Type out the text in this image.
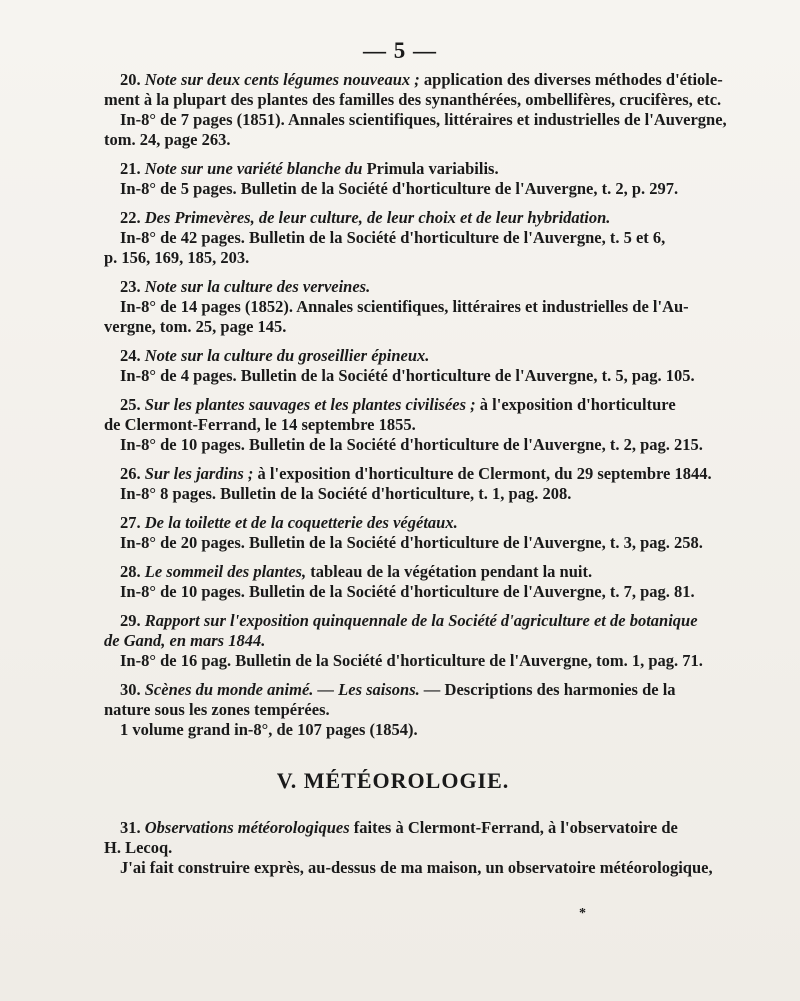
— 5 —
20. Note sur deux cents légumes nouveaux ; application des diverses méthodes d'étiole-
ment à la plupart des plantes des familles des synanthérées, ombellifères, crucifères, etc.
In-8° de 7 pages (1851). Annales scientifiques, littéraires et industrielles de l'Auvergne,
tom. 24, page 263.
21. Note sur une variété blanche du Primula variabilis.
In-8° de 5 pages. Bulletin de la Société d'horticulture de l'Auvergne, t. 2, p. 297.
22. Des Primevères, de leur culture, de leur choix et de leur hybridation.
In-8° de 42 pages. Bulletin de la Société d'horticulture de l'Auvergne, t. 5 et 6,
p. 156, 169, 185, 203.
23. Note sur la culture des verveines.
In-8° de 14 pages (1852). Annales scientifiques, littéraires et industrielles de l'Au-
vergne, tom. 25, page 145.
24. Note sur la culture du groseillier épineux.
In-8° de 4 pages. Bulletin de la Société d'horticulture de l'Auvergne, t. 5, pag. 105.
25. Sur les plantes sauvages et les plantes civilisées ; à l'exposition d'horticulture
de Clermont-Ferrand, le 14 septembre 1855.
In-8° de 10 pages. Bulletin de la Société d'horticulture de l'Auvergne, t. 2, pag. 215.
26. Sur les jardins ; à l'exposition d'horticulture de Clermont, du 29 septembre 1844.
In-8° 8 pages. Bulletin de la Société d'horticulture, t. 1, pag. 208.
27. De la toilette et de la coquetterie des végétaux.
In-8° de 20 pages. Bulletin de la Société d'horticulture de l'Auvergne, t. 3, pag. 258.
28. Le sommeil des plantes, tableau de la végétation pendant la nuit.
In-8° de 10 pages. Bulletin de la Société d'horticulture de l'Auvergne, t. 7, pag. 81.
29. Rapport sur l'exposition quinquennale de la Société d'agriculture et de botanique
de Gand, en mars 1844.
In-8° de 16 pag. Bulletin de la Société d'horticulture de l'Auvergne, tom. 1, pag. 71.
30. Scènes du monde animé. — Les saisons. — Descriptions des harmonies de la
nature sous les zones tempérées.
1 volume grand in-8°, de 107 pages (1854).
V. MÉTÉOROLOGIE.
31. Observations météorologiques faites à Clermont-Ferrand, à l'observatoire de
H. Lecoq.
J'ai fait construire exprès, au-dessus de ma maison, un observatoire météorologique,
*
